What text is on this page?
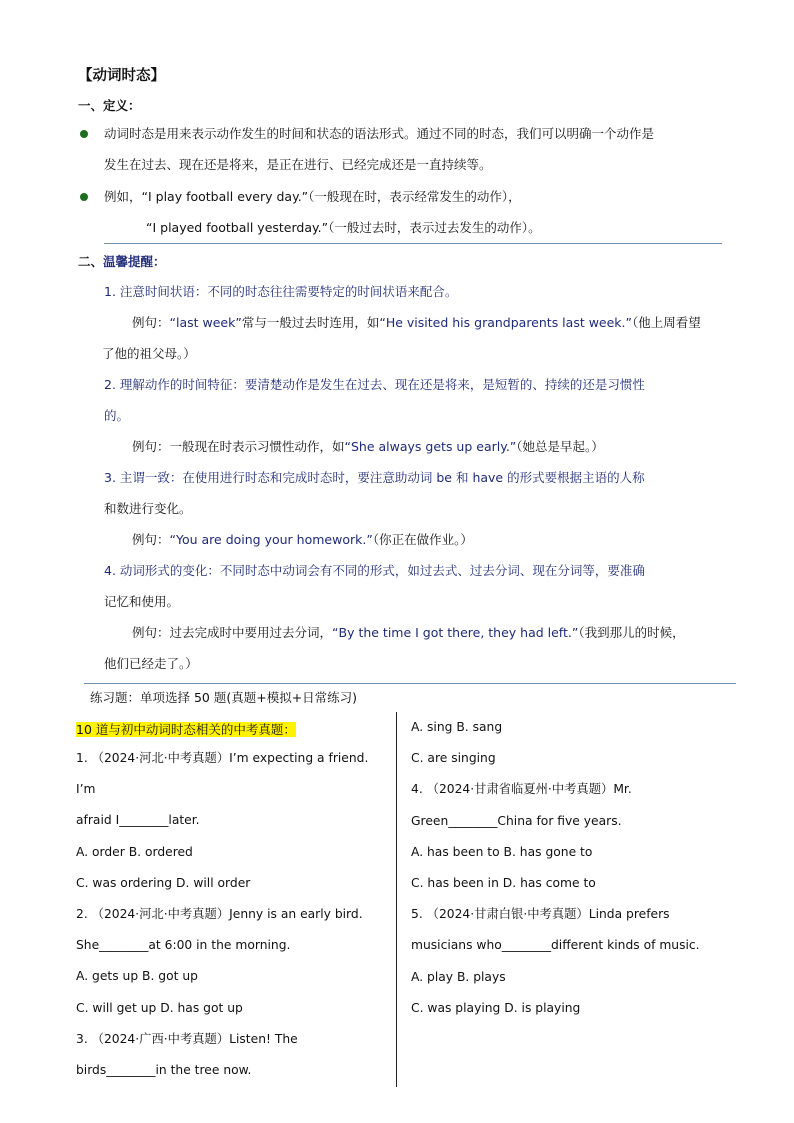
【动词时态】
一、定义：
动词时态是用来表示动作发生的时间和状态的语法形式。通过不同的时态，我们可以明确一个动作是
发生在过去、现在还是将来，是正在进行、已经完成还是一直持续等。
例如，“I play football every day.”（一般现在时，表示经常发生的动作），
“I played football yesterday.”（一般过去时，表示过去发生的动作）。
二、温馨提醒：
1. 注意时间状语：不同的时态往往需要特定的时间状语来配合。
例句：“last week”常与一般过去时连用，如“He visited his grandparents last week.”（他上周看望
了他的祖父母。）
2. 理解动作的时间特征：要清楚动作是发生在过去、现在还是将来，是短暂的、持续的还是习惯性
的。
例句：一般现在时表示习惯性动作，如“She always gets up early.”（她总是早起。）
3. 主谓一致：在使用进行时态和完成时态时，要注意助动词 be 和 have 的形式要根据主语的人称
和数进行变化。
例句：“You are doing your homework.”（你正在做作业。）
4. 动词形式的变化：不同时态中动词会有不同的形式，如过去式、过去分词、现在分词等，要准确
记忆和使用。
例句：过去完成时中要用过去分词，“By the time I got there, they had left.”（我到那儿的时候，
他们已经走了。）
练习题：单项选择 50 题(真题+模拟+日常练习)
10 道与初中动词时态相关的中考真题：
1. （2024·河北·中考真题）I’m expecting a friend. I’m
afraid I________later.
A. order B. ordered
C. was ordering D. will order
2. （2024·河北·中考真题）Jenny is an early bird.
She________at 6:00 in the morning.
A. gets up B. got up
C. will get up D. has got up
3. （2024·广西·中考真题）Listen! The
birds________in the tree now.
A. sing B. sang
C. are singing
4. （2024·甘肃省临夏州·中考真题）Mr.
Green________China for five years.
A. has been to B. has gone to
C. has been in D. has come to
5. （2024·甘肃白银·中考真题）Linda prefers
musicians who________different kinds of music.
A. play B. plays
C. was playing D. is playing
